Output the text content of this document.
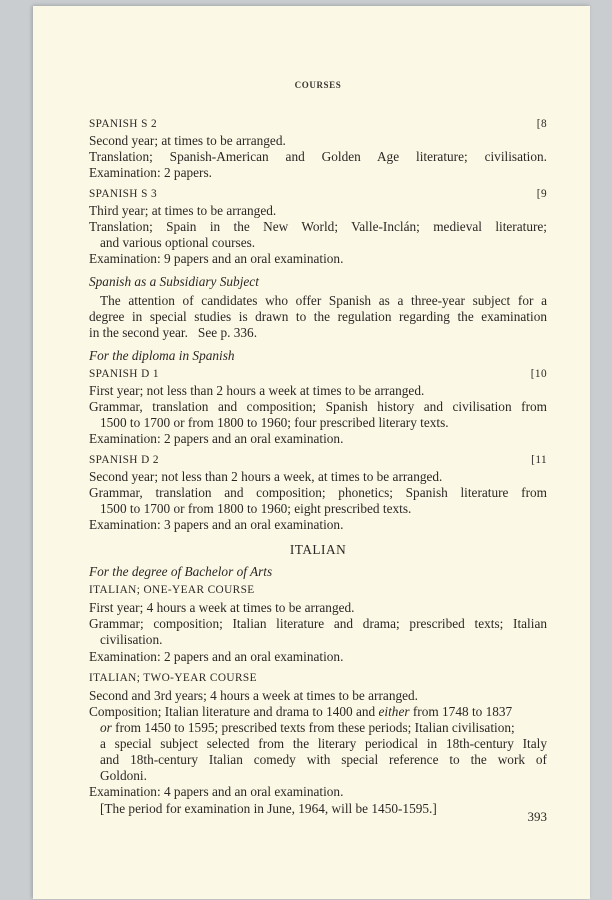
COURSES
SPANISH S 2	[8
Second year; at times to be arranged.
Translation; Spanish-American and Golden Age literature; civilisation.
Examination: 2 papers.
SPANISH S 3	[9
Third year; at times to be arranged.
Translation; Spain in the New World; Valle-Inclán; medieval literature;
and various optional courses.
Examination: 9 papers and an oral examination.
Spanish as a Subsidiary Subject
The attention of candidates who offer Spanish as a three-year subject for a
degree in special studies is drawn to the regulation regarding the examination
in the second year.   See p. 336.
For the diploma in Spanish
SPANISH D 1	[10
First year; not less than 2 hours a week at times to be arranged.
Grammar, translation and composition; Spanish history and civilisation from
1500 to 1700 or from 1800 to 1960; four prescribed literary texts.
Examination: 2 papers and an oral examination.
SPANISH D 2	[11
Second year; not less than 2 hours a week, at times to be arranged.
Grammar, translation and composition; phonetics; Spanish literature from
1500 to 1700 or from 1800 to 1960; eight prescribed texts.
Examination: 3 papers and an oral examination.
ITALIAN
For the degree of Bachelor of Arts
ITALIAN; ONE-YEAR COURSE
First year; 4 hours a week at times to be arranged.
Grammar; composition; Italian literature and drama; prescribed texts; Italian
civilisation.
Examination: 2 papers and an oral examination.
ITALIAN; TWO-YEAR COURSE
Second and 3rd years; 4 hours a week at times to be arranged.
Composition; Italian literature and drama to 1400 and either from 1748 to 1837
or from 1450 to 1595; prescribed texts from these periods; Italian civilisation;
a special subject selected from the literary periodical in 18th-century Italy
and 18th-century Italian comedy with special reference to the work of
Goldoni.
Examination: 4 papers and an oral examination.
[The period for examination in June, 1964, will be 1450-1595.]
393
